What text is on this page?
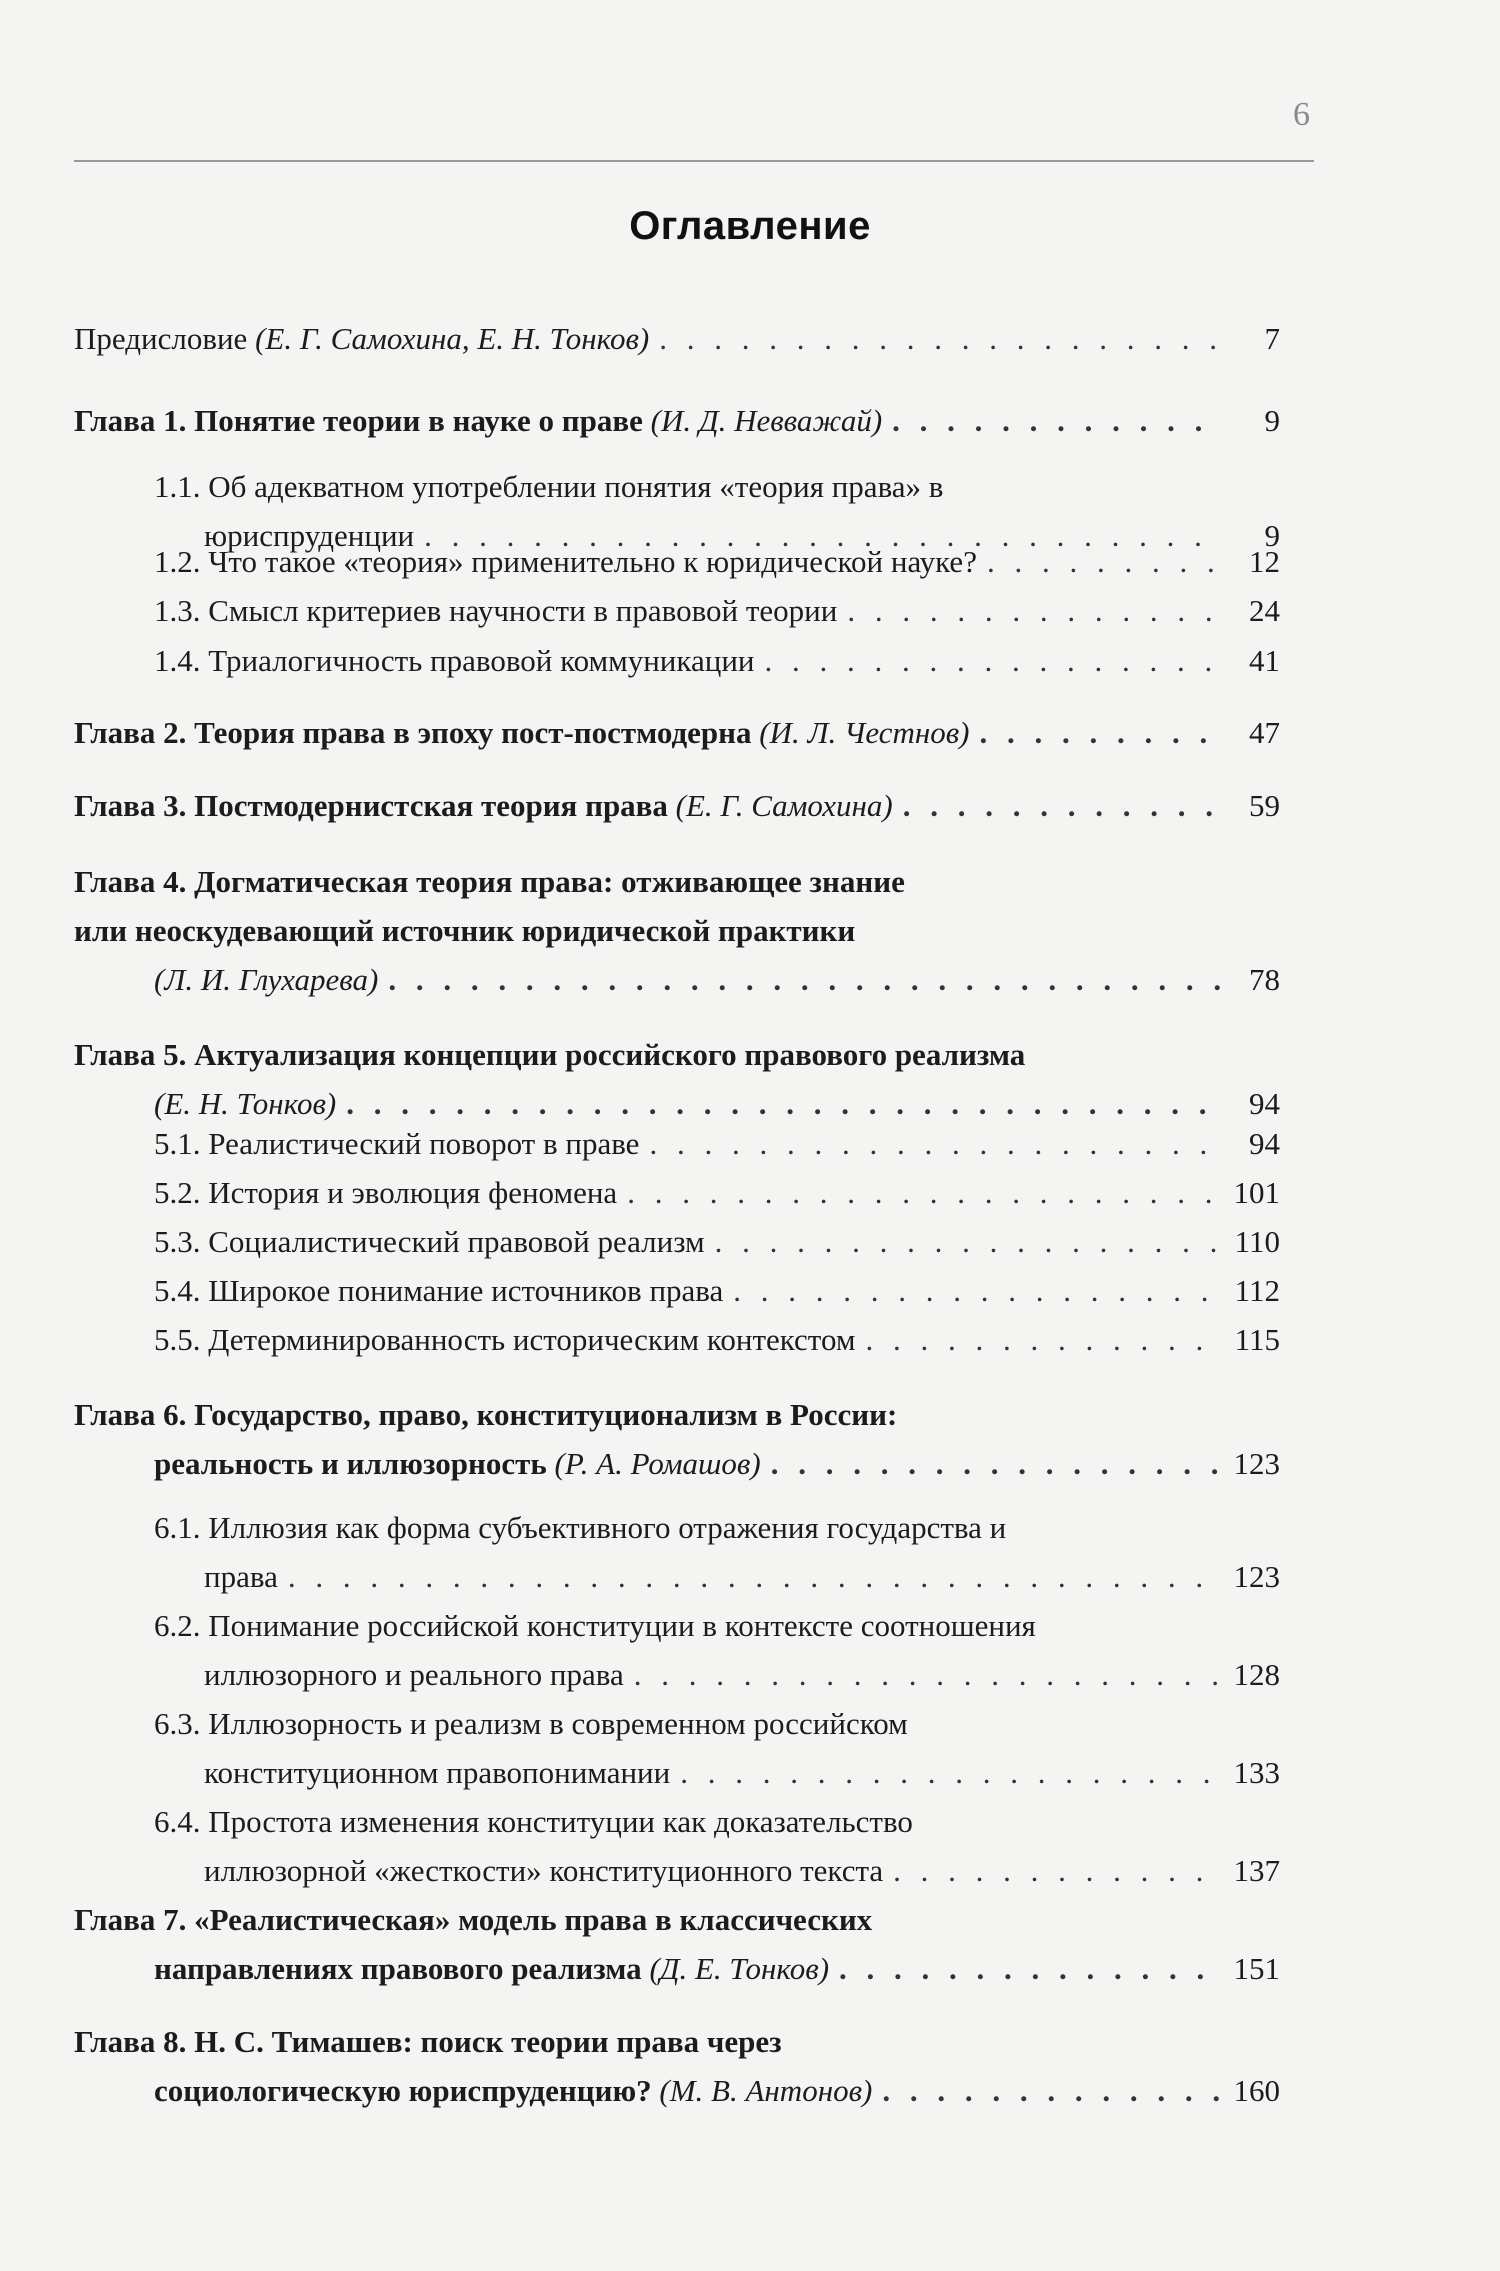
6
Оглавление
Предисловие (Е. Г. Самохина, Е. Н. Тонков) . . .	7
Глава 1. Понятие теории в науке о праве (И. Д. Невважай) . . .	9
1.1. Об адекватном употреблении понятия «теория права» в
юриспруденции . . .	9
1.2. Что такое «теория» применительно к юридической науке? . . .	12
1.3. Смысл критериев научности в правовой теории . . .	24
1.4. Триалогичность правовой коммуникации . . .	41
Глава 2. Теория права в эпоху пост-постмодерна (И. Л. Честнов) . . .	47
Глава 3. Постмодернистская теория права (Е. Г. Самохина) . . .	59
Глава 4. Догматическая теория права: отживающее знание
или неоскудевающий источник юридической практики
(Л. И. Глухарева) . . .	78
Глава 5. Актуализация концепции российского правового реализма
(Е. Н. Тонков) . . .	94
5.1. Реалистический поворот в праве . . .	94
5.2. История и эволюция феномена . . .	101
5.3. Социалистический правовой реализм . . .	110
5.4. Широкое понимание источников права . . .	112
5.5. Детерминированность историческим контекстом . . .	115
Глава 6. Государство, право, конституционализм в России:
реальность и иллюзорность (Р. А. Ромашов) . . .	123
6.1. Иллюзия как форма субъективного отражения государства и
права . . .	123
6.2. Понимание российской конституции в контексте соотношения
иллюзорного и реального права . . .	128
6.3. Иллюзорность и реализм в современном российском
конституционном правопонимании . . .	133
6.4. Простота изменения конституции как доказательство
иллюзорной «жесткости» конституционного текста . . .	137
Глава 7. «Реалистическая» модель права в классических
направлениях правового реализма (Д. Е. Тонков) . . .	151
Глава 8. Н. С. Тимашев: поиск теории права через
социологическую юриспруденцию? (М. В. Антонов) . . .	160
